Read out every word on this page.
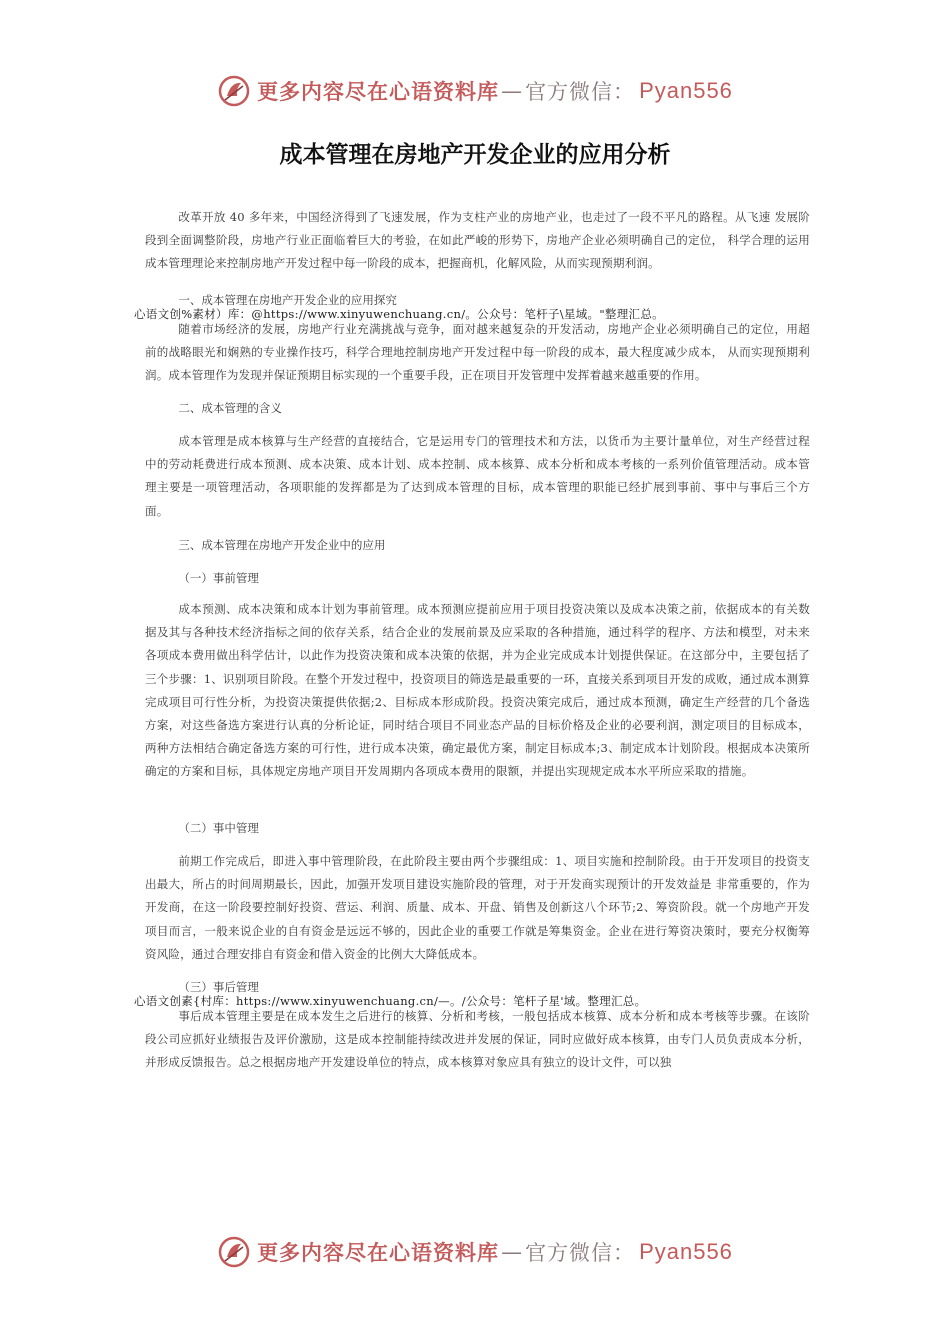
更多内容尽在心语资料库 — 官方微信： Pyan556
成本管理在房地产开发企业的应用分析

改革开放 40 多年来，中国经济得到了飞速发展，作为支柱产业的房地产业，也走过了一段不平凡的路程。从飞速 发展阶段到全面调整阶段，房地产行业正面临着巨大的考验，在如此严峻的形势下，房地产企业必须明确自己的定位， 科学合理的运用成本管理理论来控制房地产开发过程中每一阶段的成本，把握商机，化解风险，从而实现预期利润。

一、成本管理在房地产开发企业的应用探究

心语文创%素材）库：@https://www.xinyuwenchuang.cn/。公众号：笔杆子\星域。"整理汇总。

随着市场经济的发展，房地产行业充满挑战与竞争，面对越来越复杂的开发活动，房地产企业必须明确自己的定位，用超前的战略眼光和娴熟的专业操作技巧，科学合理地控制房地产开发过程中每一阶段的成本，最大程度减少成本， 从而实现预期利润。成本管理作为发现并保证预期目标实现的一个重要手段，正在项目开发管理中发挥着越来越重要的作用。

二、成本管理的含义

成本管理是成本核算与生产经营的直接结合，它是运用专门的管理技术和方法，以货币为主要计量单位，对生产经营过程中的劳动耗费进行成本预测、成本决策、成本计划、成本控制、成本核算、成本分析和成本考核的一系列价值管理活动。成本管理主要是一项管理活动，各项职能的发挥都是为了达到成本管理的目标，成本管理的职能已经扩展到事前、事中与事后三个方面。

三、成本管理在房地产开发企业中的应用

（一）事前管理

成本预测、成本决策和成本计划为事前管理。成本预测应提前应用于项目投资决策以及成本决策之前，依据成本的有关数据及其与各种技术经济指标之间的依存关系，结合企业的发展前景及应采取的各种措施，通过科学的程序、方法和模型，对未来各项成本费用做出科学估计，以此作为投资决策和成本决策的依据，并为企业完成成本计划提供保证。在这部分中，主要包括了三个步骤：1、识别项目阶段。在整个开发过程中，投资项目的筛选是最重要的一环，直接关系到项目开发的成败，通过成本测算完成项目可行性分析，为投资决策提供依据;2、目标成本形成阶段。投资决策完成后，通过成本预测，确定生产经营的几个备选方案，对这些备选方案进行认真的分析论证，同时结合项目不同业态产品的目标价格及企业的必要利润，测定项目的目标成本，两种方法相结合确定备选方案的可行性，进行成本决策，确定最优方案，制定目标成本;3、制定成本计划阶段。根据成本决策所确定的方案和目标，具体规定房地产项目开发周期内各项成本费用的限额，并提出实现规定成本水平所应采取的措施。

（二）事中管理

前期工作完成后，即进入事中管理阶段，在此阶段主要由两个步骤组成：1、项目实施和控制阶段。由于开发项目的投资支出最大，所占的时间周期最长，因此，加强开发项目建设实施阶段的管理，对于开发商实现预计的开发效益是 非常重要的，作为开发商，在这一阶段要控制好投资、营运、利润、质量、成本、开盘、销售及创新这八个环节;2、筹资阶段。就一个房地产开发项目而言，一般来说企业的自有资金是远远不够的，因此企业的重要工作就是筹集资金。企业在进行筹资决策时，要充分权衡筹资风险，通过合理安排自有资金和借入资金的比例大大降低成本。

（三）事后管理

心语文创素{村库：https://www.xinyuwenchuang.cn/—。/公众号：笔杆子星'域。整理汇总。

事后成本管理主要是在成本发生之后进行的核算、分析和考核，一般包括成本核算、成本分析和成本考核等步骤。在该阶段公司应抓好业绩报告及评价激励，这是成本控制能持续改进并发展的保证，同时应做好成本核算，由专门人员负责成本分析，并形成反馈报告。总之根据房地产开发建设单位的特点，成本核算对象应具有独立的设计文件，可以独

更多内容尽在心语资料库 — 官方微信： Pyan556
